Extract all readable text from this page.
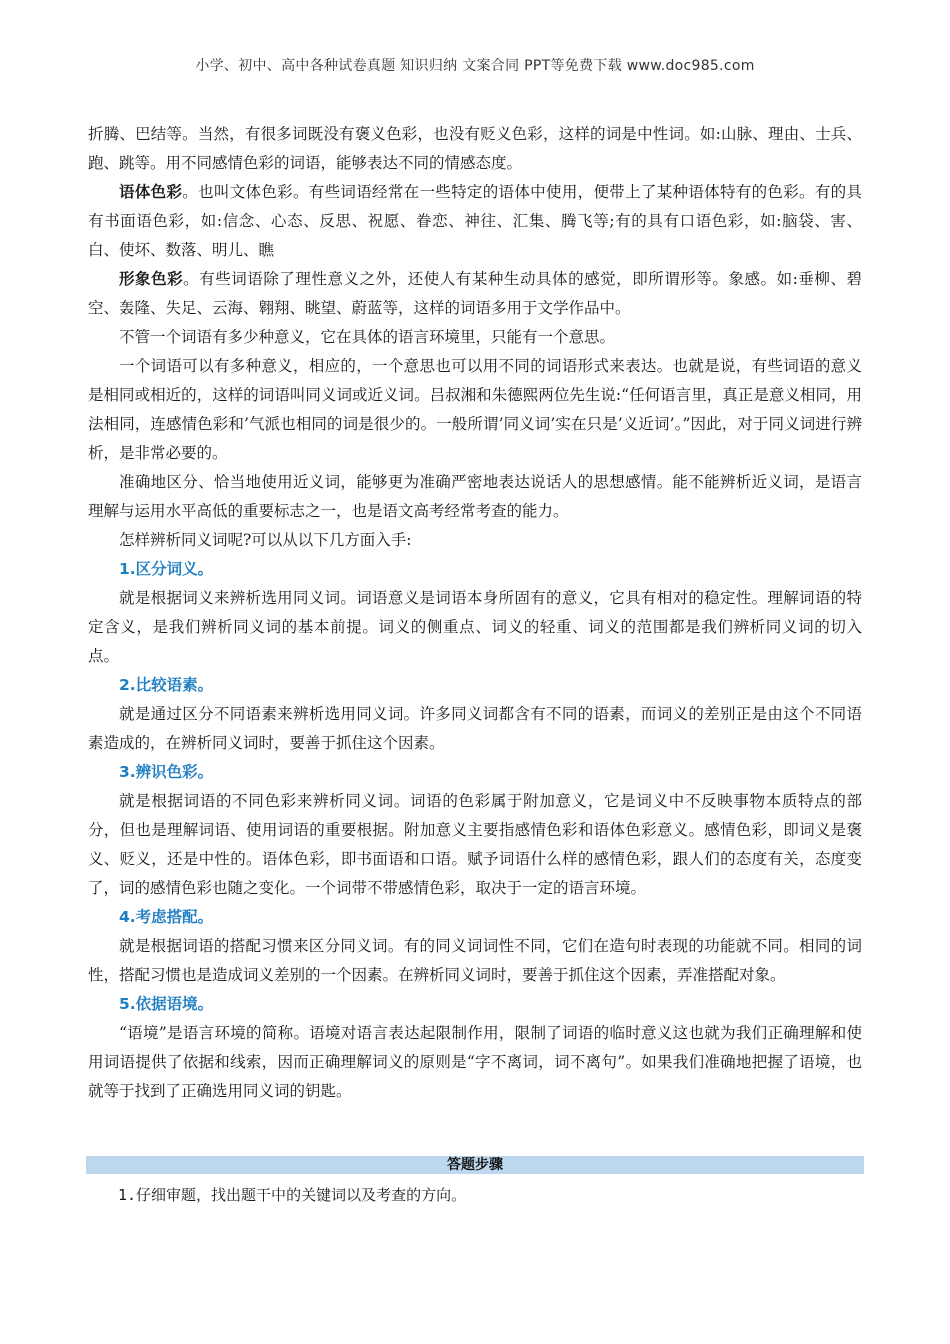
小学、初中、高中各种试卷真题 知识归纳 文案合同 PPT等免费下载 www.doc985.com

折腾、巴结等。当然，有很多词既没有褒义色彩，也没有贬义色彩，这样的词是中性词。如:山脉、理由、士兵、跑、跳等。用不同感情色彩的词语，能够表达不同的情感态度。

语体色彩。也叫文体色彩。有些词语经常在一些特定的语体中使用，便带上了某种语体特有的色彩。有的具有书面语色彩，如:信念、心态、反思、祝愿、眷恋、神往、汇集、腾飞等;有的具有口语色彩，如:脑袋、害、白、使坏、数落、明儿、瞧

形象色彩。有些词语除了理性意义之外，还使人有某种生动具体的感觉，即所谓形等。象感。如:垂柳、碧空、轰隆、失足、云海、翱翔、眺望、蔚蓝等，这样的词语多用于文学作品中。

不管一个词语有多少种意义，它在具体的语言环境里，只能有一个意思。

一个词语可以有多种意义，相应的，一个意思也可以用不同的词语形式来表达。也就是说，有些词语的意义是相同或相近的，这样的词语叫同义词或近义词。吕叔湘和朱德熙两位先生说:“任何语言里，真正是意义相同，用法相同，连感情色彩和’气派也相同的词是很少的。一般所谓’同义词’实在只是’义近词’。”因此，对于同义词进行辨析，是非常必要的。

准确地区分、恰当地使用近义词，能够更为准确严密地表达说话人的思想感情。能不能辨析近义词，是语言理解与运用水平高低的重要标志之一，也是语文高考经常考查的能力。

怎样辨析同义词呢?可以从以下几方面入手:

1.区分词义。

就是根据词义来辨析选用同义词。词语意义是词语本身所固有的意义，它具有相对的稳定性。理解词语的特定含义，是我们辨析同义词的基本前提。词义的侧重点、词义的轻重、词义的范围都是我们辨析同义词的切入点。

2.比较语素。

就是通过区分不同语素来辨析选用同义词。许多同义词都含有不同的语素，而词义的差别正是由这个不同语素造成的，在辨析同义词时，要善于抓住这个因素。

3.辨识色彩。

就是根据词语的不同色彩来辨析同义词。词语的色彩属于附加意义，它是词义中不反映事物本质特点的部分，但也是理解词语、使用词语的重要根据。附加意义主要指感情色彩和语体色彩意义。感情色彩，即词义是褒义、贬义，还是中性的。语体色彩，即书面语和口语。赋予词语什么样的感情色彩，跟人们的态度有关，态度变了，词的感情色彩也随之变化。一个词带不带感情色彩，取决于一定的语言环境。

4.考虑搭配。

就是根据词语的搭配习惯来区分同义词。有的同义词词性不同，它们在造句时表现的功能就不同。相同的词性，搭配习惯也是造成词义差别的一个因素。在辨析同义词时，要善于抓住这个因素，弄准搭配对象。

5.依据语境。

“语境”是语言环境的简称。语境对语言表达起限制作用，限制了词语的临时意义这也就为我们正确理解和使用词语提供了依据和线索，因而正确理解词义的原则是“字不离词，词不离句”。如果我们准确地把握了语境，也就等于找到了正确选用同义词的钥匙。

答题步骤
1.仔细审题，找出题干中的关键词以及考查的方向。
